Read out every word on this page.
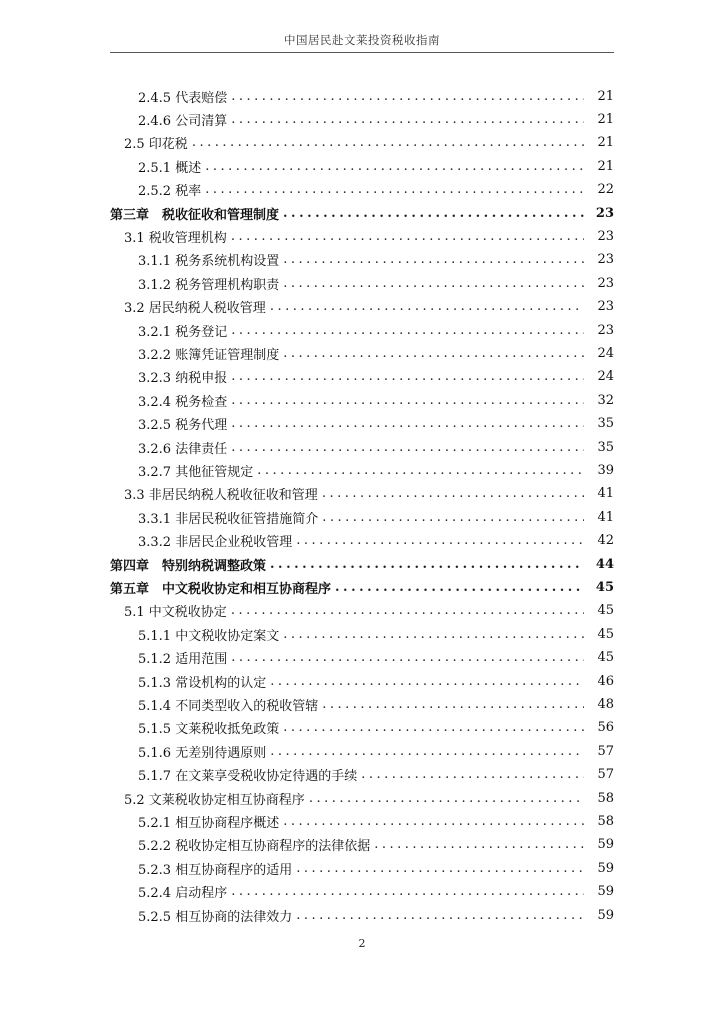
中国居民赴文莱投资税收指南
2.4.5 代表赔偿 .....	21
2.4.6 公司清算 .....	21
2.5 印花税 .....	21
2.5.1 概述 .....	21
2.5.2 税率 .....	22
第三章　税收征收和管理制度 .....	23
3.1 税收管理机构 .....	23
3.1.1 税务系统机构设置 .....	23
3.1.2 税务管理机构职责 .....	23
3.2 居民纳税人税收管理 .....	23
3.2.1 税务登记 .....	23
3.2.2 账簿凭证管理制度 .....	24
3.2.3 纳税申报 .....	24
3.2.4 税务检查 .....	32
3.2.5 税务代理 .....	35
3.2.6 法律责任 .....	35
3.2.7 其他征管规定 .....	39
3.3 非居民纳税人税收征收和管理 .....	41
3.3.1 非居民税收征管措施简介 .....	41
3.3.2 非居民企业税收管理 .....	42
第四章　特别纳税调整政策 .....	44
第五章　中文税收协定和相互协商程序 .....	45
5.1 中文税收协定 .....	45
5.1.1 中文税收协定案文 .....	45
5.1.2 适用范围 .....	45
5.1.3 常设机构的认定 .....	46
5.1.4 不同类型收入的税收管辖 .....	48
5.1.5 文莱税收抵免政策 .....	56
5.1.6 无差别待遇原则 .....	57
5.1.7 在文莱享受税收协定待遇的手续 .....	57
5.2 文莱税收协定相互协商程序 .....	58
5.2.1 相互协商程序概述 .....	58
5.2.2 税收协定相互协商程序的法律依据 .....	59
5.2.3 相互协商程序的适用 .....	59
5.2.4 启动程序 .....	59
5.2.5 相互协商的法律效力 .....	59
2
